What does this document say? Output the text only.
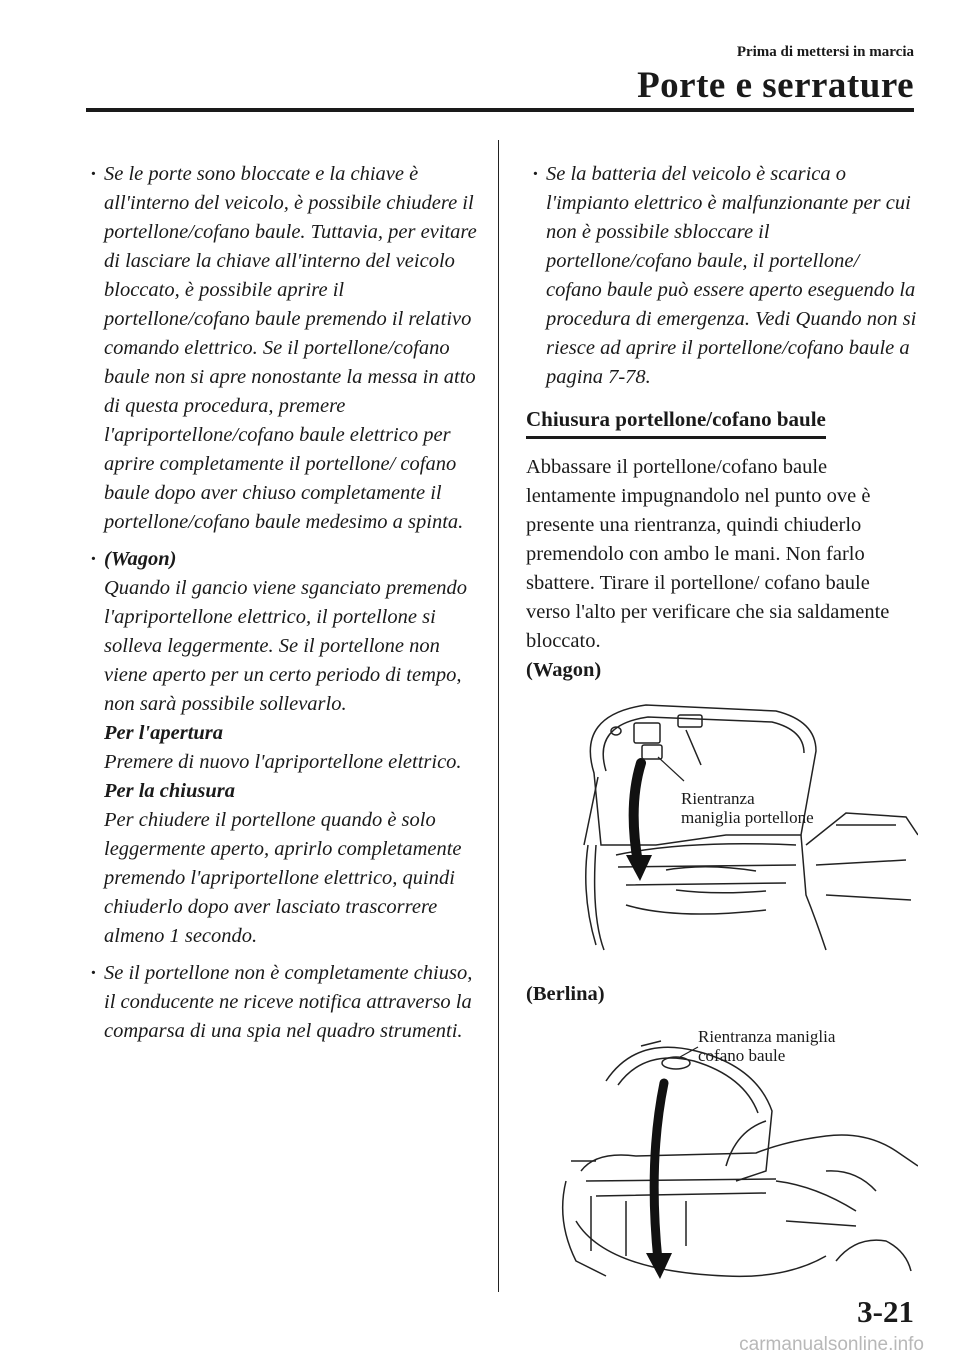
Prima di mettersi in marcia
Porte e serrature
· Se le porte sono bloccate e la chiave è all'interno del veicolo, è possibile chiudere il portellone/cofano baule. Tuttavia, per evitare di lasciare la chiave all'interno del veicolo bloccato, è possibile aprire il portellone/cofano baule premendo il relativo comando elettrico. Se il portellone/cofano baule non si apre nonostante la messa in atto di questa procedura, premere l'apriportellone/cofano baule elettrico per aprire completamente il portellone/ cofano baule dopo aver chiuso completamente il portellone/cofano baule medesimo a spinta.
· (Wagon)
Quando il gancio viene sganciato premendo l'apriportellone elettrico, il portellone si solleva leggermente. Se il portellone non viene aperto per un certo periodo di tempo, non sarà possibile sollevarlo.
Per l'apertura
Premere di nuovo l'apriportellone elettrico.
Per la chiusura
Per chiudere il portellone quando è solo leggermente aperto, aprirlo completamente premendo l'apriportellone elettrico, quindi chiuderlo dopo aver lasciato trascorrere almeno 1 secondo.
· Se il portellone non è completamente chiuso, il conducente ne riceve notifica attraverso la comparsa di una spia nel quadro strumenti.
· Se la batteria del veicolo è scarica o l'impianto elettrico è malfunzionante per cui non è possibile sbloccare il portellone/cofano baule, il portellone/ cofano baule può essere aperto eseguendo la procedura di emergenza. Vedi Quando non si riesce ad aprire il portellone/cofano baule a pagina 7-78.
Chiusura portellone/cofano baule
Abbassare il portellone/cofano baule lentamente impugnandolo nel punto ove è presente una rientranza, quindi chiuderlo premendolo con ambo le mani. Non farlo sbattere. Tirare il portellone/ cofano baule verso l'alto per verificare che sia saldamente bloccato.
(Wagon)
Rientranza
maniglia portellone
(Berlina)
Rientranza maniglia
cofano baule
3-21
carmanualsonline.info
